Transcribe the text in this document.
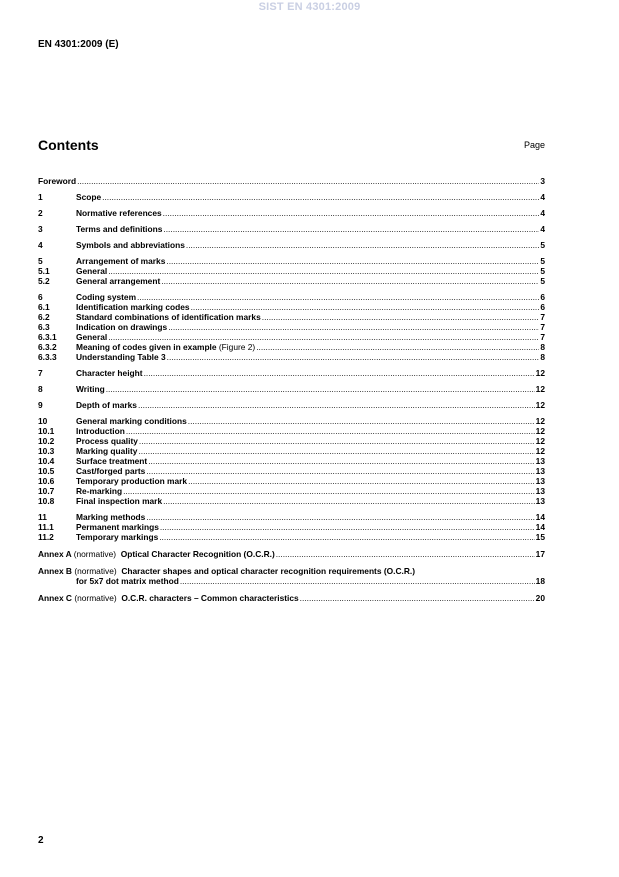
SIST EN 4301:2009
EN 4301:2009 (E)
Contents	Page
Foreword .....	3
1	Scope .....	4
2	Normative references .....	4
3	Terms and definitions .....	4
4	Symbols and abbreviations .....	5
5	Arrangement of marks .....	5
5.1	General .....	5
5.2	General arrangement .....	5
6	Coding system .....	6
6.1	Identification marking codes .....	6
6.2	Standard combinations of identification marks .....	7
6.3	Indication on drawings .....	7
6.3.1	General .....	7
6.3.2	Meaning of codes given in example (Figure 2) .....	8
6.3.3	Understanding Table 3 .....	8
7	Character height .....	12
8	Writing .....	12
9	Depth of marks .....	12
10	General marking conditions .....	12
10.1	Introduction .....	12
10.2	Process quality .....	12
10.3	Marking quality .....	12
10.4	Surface treatment .....	13
10.5	Cast/forged parts .....	13
10.6	Temporary production mark .....	13
10.7	Re-marking .....	13
10.8	Final inspection mark .....	13
11	Marking methods .....	14
11.1	Permanent markings .....	14
11.2	Temporary markings .....	15
Annex A (normative) Optical Character Recognition (O.C.R.) .....	17
Annex B (normative) Character shapes and optical character recognition requirements (O.C.R.)
for 5x7 dot matrix method .....	18
Annex C (normative) O.C.R. characters – Common characteristics .....	20
2
